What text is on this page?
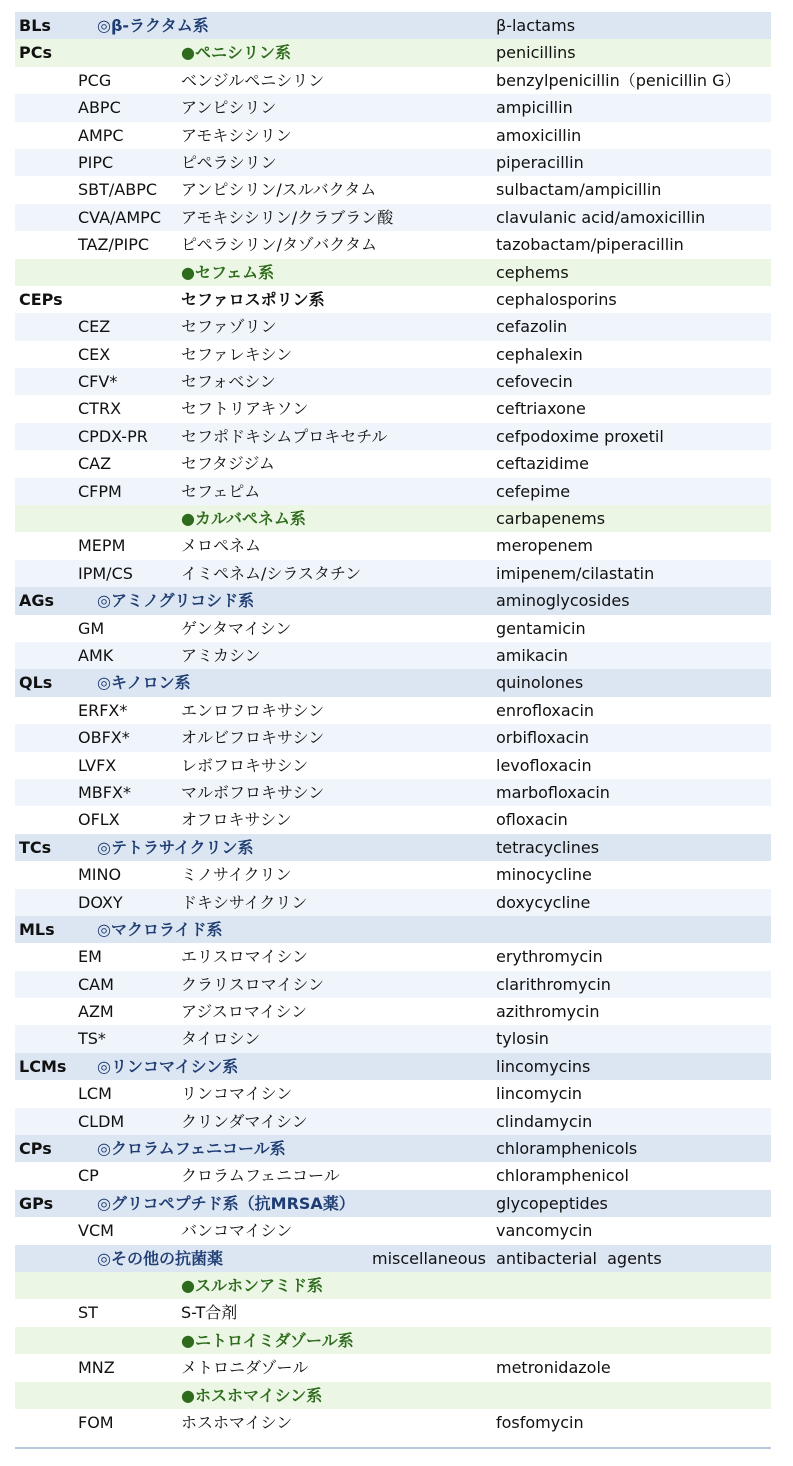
BLs	◎β-ラクタム系	β-lactams
PCs	●ペニシリン系	penicillins
PCG	ベンジルペニシリン	benzylpenicillin（penicillin G）
ABPC	アンピシリン	ampicillin
AMPC	アモキシシリン	amoxicillin
PIPC	ピペラシリン	piperacillin
SBT/ABPC アンピシリン/スルバクタム	sulbactam/ampicillin
CVA/AMPC アモキシシリン/クラブラン酸	clavulanic acid/amoxicillin
TAZ/PIPC ピペラシリン/タゾバクタム	tazobactam/piperacillin
●セフェム系	cephems
CEPs	セファロスポリン系	cephalosporins
CEZ	セファゾリン	cefazolin
CEX	セファレキシン	cephalexin
CFV*	セフォベシン	cefovecin
CTRX	セフトリアキソン	ceftriaxone
CPDX-PR セフポドキシムプロキセチル	cefpodoxime proxetil
CAZ	セフタジジム	ceftazidime
CFPM	セフェピム	cefepime
●カルバペネム系	carbapenems
MEPM	メロペネム	meropenem
IPM/CS	イミペネム/シラスタチン	imipenem/cilastatin
AGs	◎アミノグリコシド系	aminoglycosides
GM	ゲンタマイシン	gentamicin
AMK	アミカシン	amikacin
QLs	◎キノロン系	quinolones
ERFX*	エンロフロキサシン	enrofloxacin
OBFX*	オルビフロキサシン	orbifloxacin
LVFX	レボフロキサシン	levofloxacin
MBFX*	マルボフロキサシン	marbofloxacin
OFLX	オフロキサシン	ofloxacin
TCs	◎テトラサイクリン系	tetracyclines
MINO	ミノサイクリン	minocycline
DOXY	ドキシサイクリン	doxycycline
MLs	◎マクロライド系
EM	エリスロマイシン	erythromycin
CAM	クラリスロマイシン	clarithromycin
AZM	アジスロマイシン	azithromycin
TS*	タイロシン	tylosin
LCMs ◎リンコマイシン系	lincomycins
LCM	リンコマイシン	lincomycin
CLDM	クリンダマイシン	clindamycin
CPs	◎クロラムフェニコール系	chloramphenicols
CP	クロラムフェニコール	chloramphenicol
GPs	◎グリコペプチド系（抗MRSA薬）	glycopeptides
VCM	バンコマイシン	vancomycin
◎その他の抗菌薬	miscellaneous  antibacterial  agents
●スルホンアミド系
ST	S-T合剤
●ニトロイミダゾール系
MNZ	メトロニダゾール	metronidazole
●ホスホマイシン系
FOM	ホスホマイシン	fosfomycin
